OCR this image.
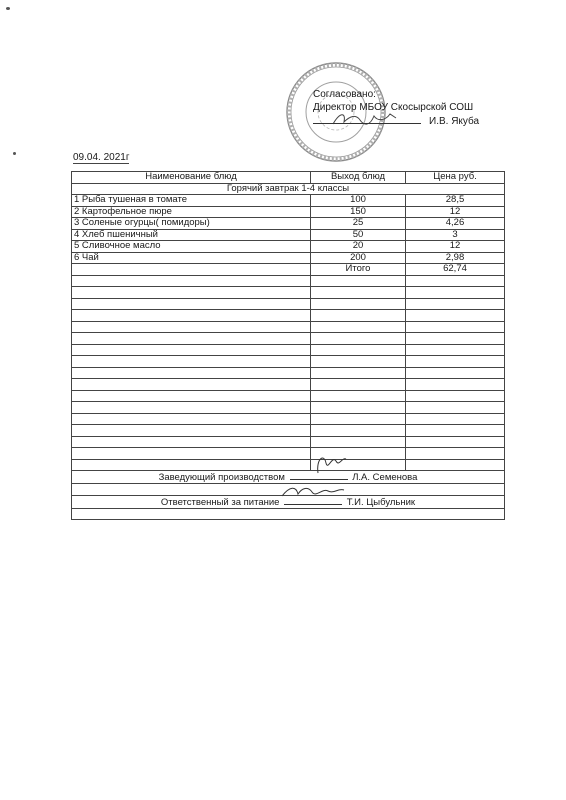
Согласовано:
Директор МБОУ Скосырской СОШ
И.В. Якуба
09.04. 2021г
Наименование блюд	Выход блюд	Цена руб.
Горячий завтрак 1-4 классы		
1 Рыба тушеная в томате	100	28,5
2 Картофельное пюре	150	12
3 Соленые огурцы( помидоры)	25	4,26
4 Хлеб пшеничный	50	3
5 Сливочное масло	20	12
6 Чай	200	2,98
	Итого	62,74

Заведующий производством Л.А. Семенова		

Ответственный за питание Т.И. Цыбульник		
